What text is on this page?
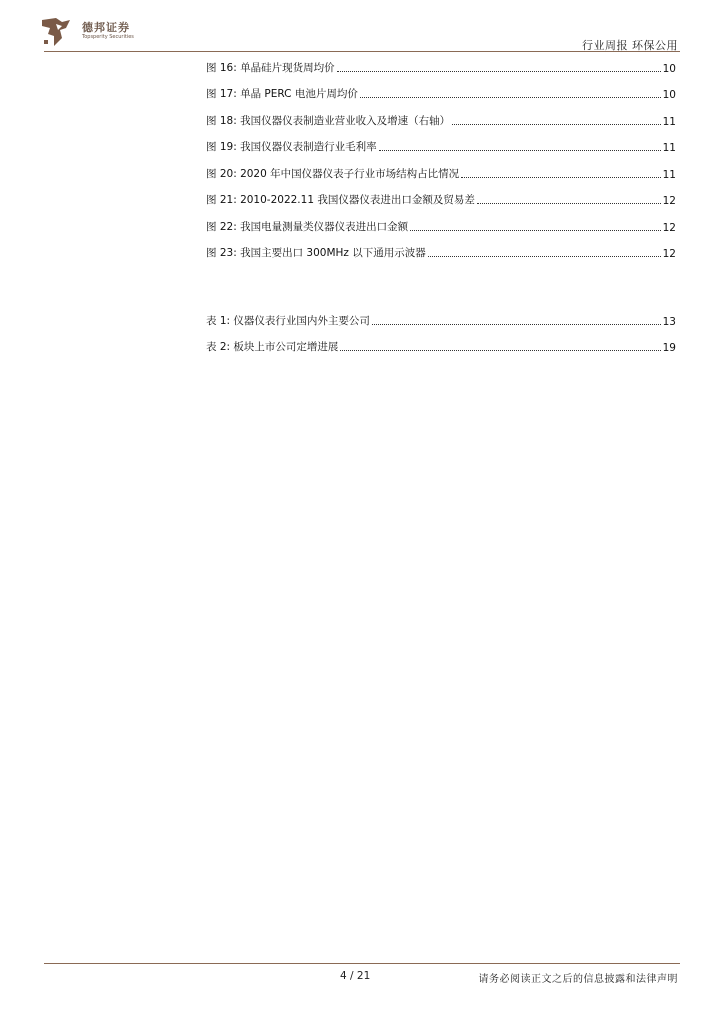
德邦证券
Topsperity Securities
行业周报 环保公用
图 16: 单晶硅片现货周均价	10
图 17: 单晶 PERC 电池片周均价	10
图 18: 我国仪器仪表制造业营业收入及增速（右轴）	11
图 19: 我国仪器仪表制造行业毛利率	11
图 20: 2020 年中国仪器仪表子行业市场结构占比情况	11
图 21: 2010-2022.11 我国仪器仪表进出口金额及贸易差	12
图 22: 我国电量测量类仪器仪表进出口金额	12
图 23: 我国主要出口 300MHz 以下通用示波器	12
表 1: 仪器仪表行业国内外主要公司	13
表 2: 板块上市公司定增进展	19
4 / 21	请务必阅读正文之后的信息披露和法律声明
